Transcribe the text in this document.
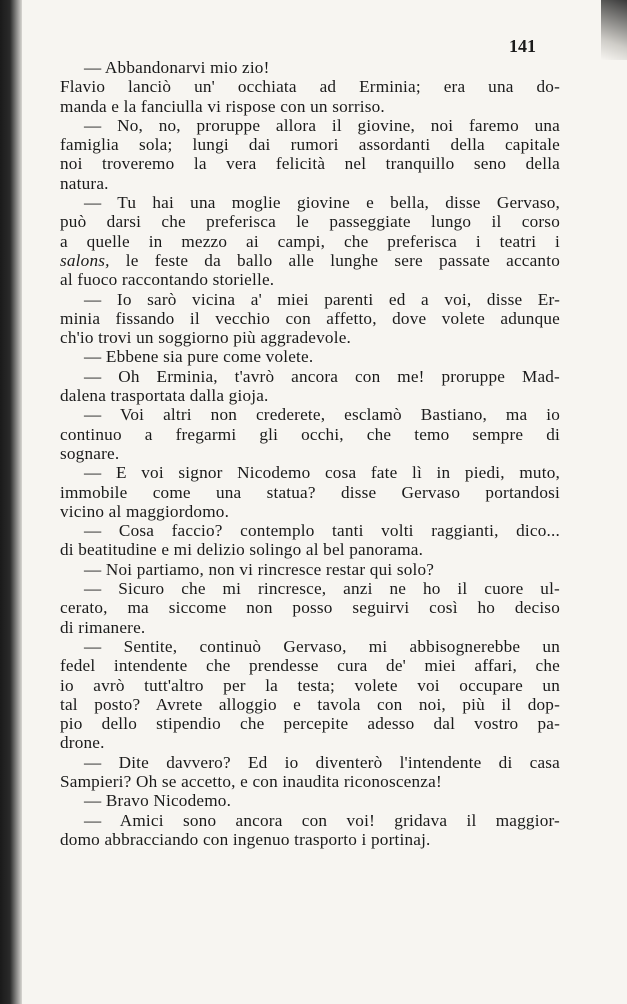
141
— Abbandonarvi mio zio!
Flavio lanciò un' occhiata ad Erminia; era una do-
manda e la fanciulla vi rispose con un sorriso.
— No, no, proruppe allora il giovine, noi faremo una
famiglia sola; lungi dai rumori assordanti della capitale
noi troveremo la vera felicità nel tranquillo seno della
natura.
— Tu hai una moglie giovine e bella, disse Gervaso,
può darsi che preferisca le passeggiate lungo il corso
a quelle in mezzo ai campi, che preferisca i teatri i
salons, le feste da ballo alle lunghe sere passate accanto
al fuoco raccontando storielle.
— Io sarò vicina a' miei parenti ed a voi, disse Er-
minia fissando il vecchio con affetto, dove volete adunque
ch'io trovi un soggiorno più aggradevole.
— Ebbene sia pure come volete.
— Oh Erminia, t'avrò ancora con me! proruppe Mad-
dalena trasportata dalla gioja.
— Voi altri non crederete, esclamò Bastiano, ma io
continuo a fregarmi gli occhi, che temo sempre di
sognare.
— E voi signor Nicodemo cosa fate lì in piedi, muto,
immobile come una statua? disse Gervaso portandosi
vicino al maggiordomo.
— Cosa faccio? contemplo tanti volti raggianti, dico...
di beatitudine e mi delizio solingo al bel panorama.
— Noi partiamo, non vi rincresce restar qui solo?
— Sicuro che mi rincresce, anzi ne ho il cuore ul-
cerato, ma siccome non posso seguirvi così ho deciso
di rimanere.
— Sentite, continuò Gervaso, mi abbisognerebbe un
fedel intendente che prendesse cura de' miei affari, che
io avrò tutt'altro per la testa; volete voi occupare un
tal posto? Avrete alloggio e tavola con noi, più il dop-
pio dello stipendio che percepite adesso dal vostro pa-
drone.
— Dite davvero? Ed io diventerò l'intendente di casa
Sampieri? Oh se accetto, e con inaudita riconoscenza!
— Bravo Nicodemo.
— Amici sono ancora con voi! gridava il maggior-
domo abbracciando con ingenuo trasporto i portinaj.
